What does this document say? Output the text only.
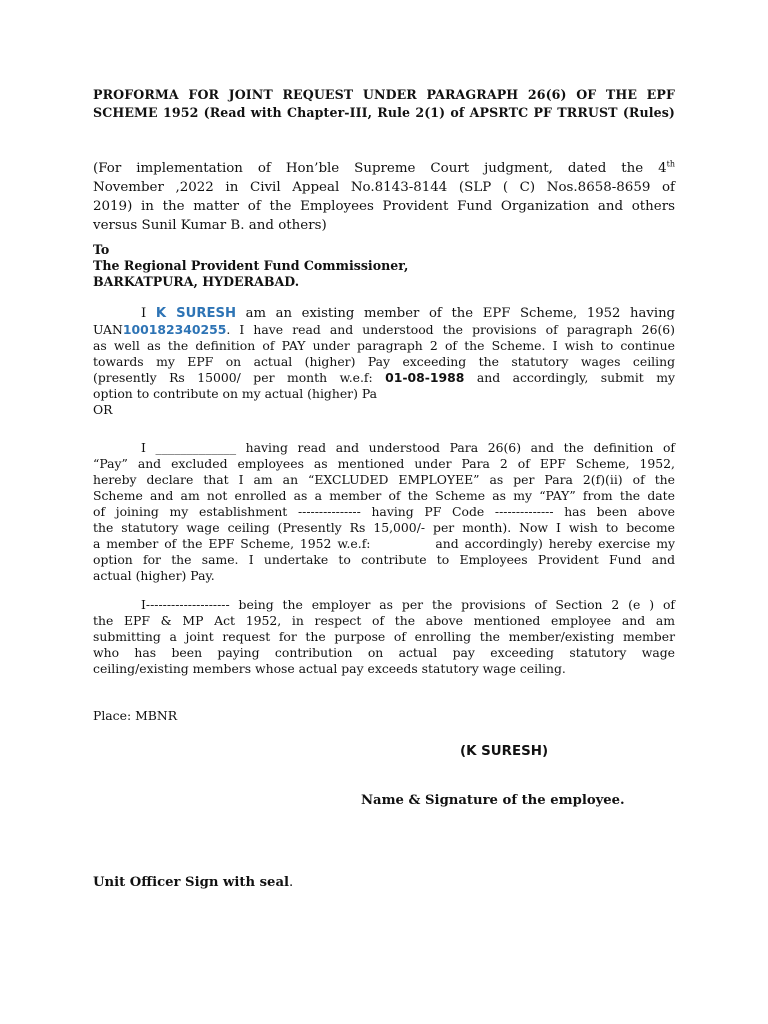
PROFORMA FOR JOINT REQUEST UNDER PARAGRAPH 26(6) OF THE EPF
SCHEME 1952 (Read with Chapter-III, Rule 2(1) of APSRTC PF TRRUST (Rules)
(For implementation of Hon’ble Supreme Court judgment, dated the 4th
November ,2022 in Civil Appeal No.8143-8144 (SLP ( C) Nos.8658-8659 of
2019) in the matter of the Employees Provident Fund Organization and others
versus Sunil Kumar B. and others)
To
The Regional Provident Fund Commissioner,
BARKATPURA, HYDERABAD.
I K SURESH am an existing member of the EPF Scheme, 1952 having
UAN100182340255. I have read and understood the provisions of paragraph 26(6)
as well as the definition of PAY under paragraph 2 of the Scheme. I wish to continue
towards my EPF on actual (higher) Pay exceeding the statutory wages ceiling
(presently Rs 15000/ per month w.e.f: 01-08-1988 and accordingly, submit my
option to contribute on my actual (higher) Pa
OR
I _____________ having read and understood Para 26(6) and the definition of
“Pay” and excluded employees as mentioned under Para 2 of EPF Scheme, 1952,
hereby declare that I am an “EXCLUDED EMPLOYEE” as per Para 2(f)(ii) of the
Scheme and am not enrolled as a member of the Scheme as my “PAY” from the date
of joining my establishment --------------- having PF Code -------------- has been above
the statutory wage ceiling (Presently Rs 15,000/- per month). Now I wish to become
a member of the EPF Scheme, 1952 w.e.f:           and accordingly) hereby exercise my
option for the same. I undertake to contribute to Employees Provident Fund and
actual (higher) Pay.
I-------------------- being the employer as per the provisions of Section 2 (e ) of
the EPF & MP Act 1952, in respect of the above mentioned employee and am
submitting a joint request for the purpose of enrolling the member/existing member
who has been paying contribution on actual pay exceeding statutory wage
ceiling/existing members whose actual pay exceeds statutory wage ceiling.
Place: MBNR
(K SURESH)
Name & Signature of the employee.
Unit Officer Sign with seal.
